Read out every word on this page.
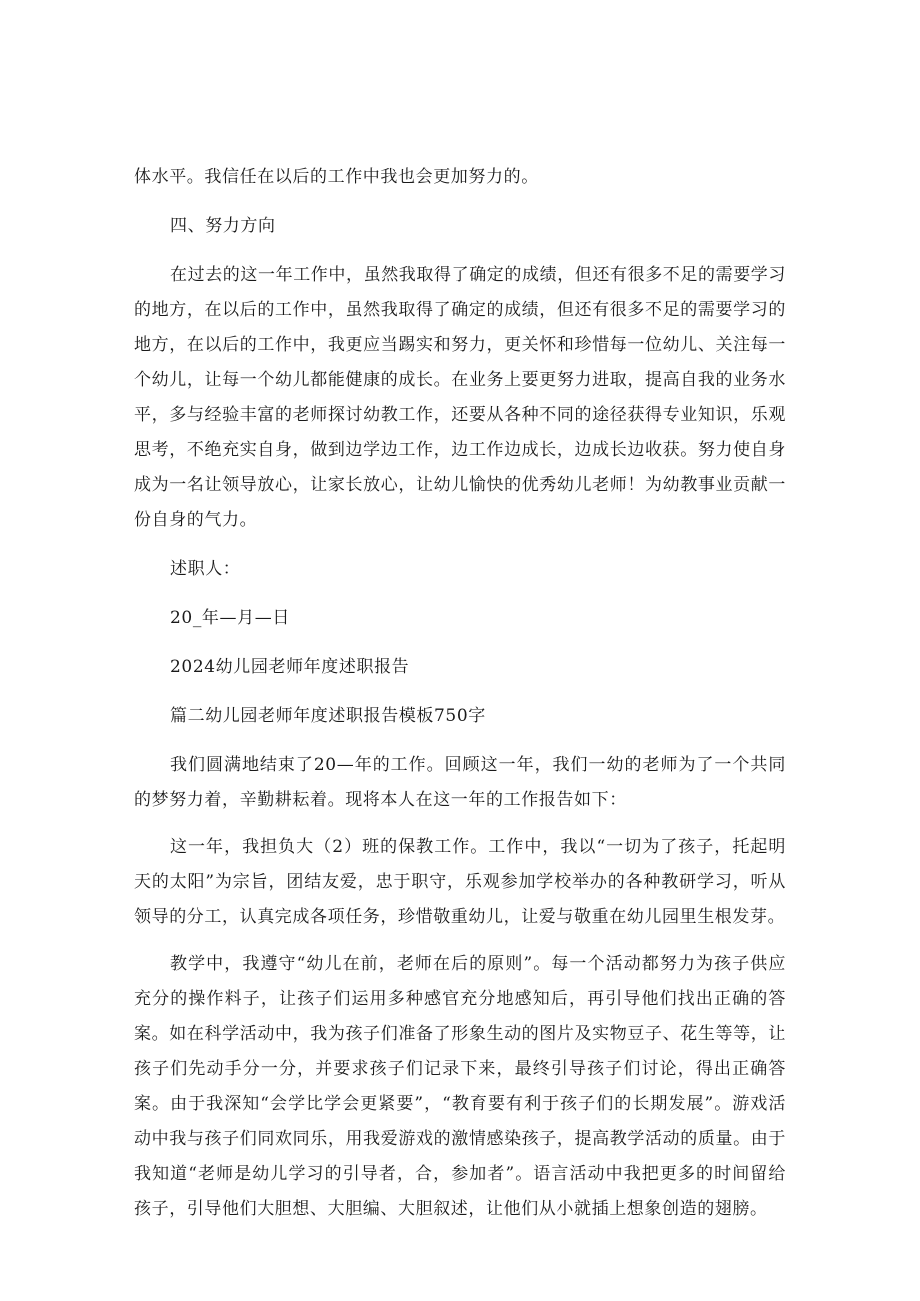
体水平。我信任在以后的工作中我也会更加努力的。

四、努力方向

在过去的这一年工作中，虽然我取得了确定的成绩，但还有很多不足的需要学习的地方，在以后的工作中，虽然我取得了确定的成绩，但还有很多不足的需要学习的地方，在以后的工作中，我更应当踢实和努力，更关怀和珍惜每一位幼儿、关注每一个幼儿，让每一个幼儿都能健康的成长。在业务上要更努力进取，提高自我的业务水平，多与经验丰富的老师探讨幼教工作，还要从各种不同的途径获得专业知识，乐观思考，不绝充实自身，做到边学边工作，边工作边成长，边成长边收获。努力使自身成为一名让领导放心，让家长放心，让幼儿愉快的优秀幼儿老师！为幼教事业贡献一份自身的气力。

述职人：

20_年—月—日

2024幼儿园老师年度述职报告

篇二幼儿园老师年度述职报告模板750字

我们圆满地结束了20—年的工作。回顾这一年，我们一幼的老师为了一个共同的梦努力着，辛勤耕耘着。现将本人在这一年的工作报告如下：

这一年，我担负大（2）班的保教工作。工作中，我以“一切为了孩子，托起明天的太阳”为宗旨，团结友爱，忠于职守，乐观参加学校举办的各种教研学习，听从领导的分工，认真完成各项任务，珍惜敬重幼儿，让爱与敬重在幼儿园里生根发芽。

教学中，我遵守“幼儿在前，老师在后的原则”。每一个活动都努力为孩子供应充分的操作料子，让孩子们运用多种感官充分地感知后，再引导他们找出正确的答案。如在科学活动中，我为孩子们准备了形象生动的图片及实物豆子、花生等等，让孩子们先动手分一分，并要求孩子们记录下来，最终引导孩子们讨论，得出正确答案。由于我深知“会学比学会更紧要”，“教育要有利于孩子们的长期发展”。游戏活动中我与孩子们同欢同乐，用我爱游戏的激情感染孩子，提高教学活动的质量。由于我知道“老师是幼儿学习的引导者，合，参加者”。语言活动中我把更多的时间留给孩子，引导他们大胆想、大胆编、大胆叙述，让他们从小就插上想象创造的翅膀。
